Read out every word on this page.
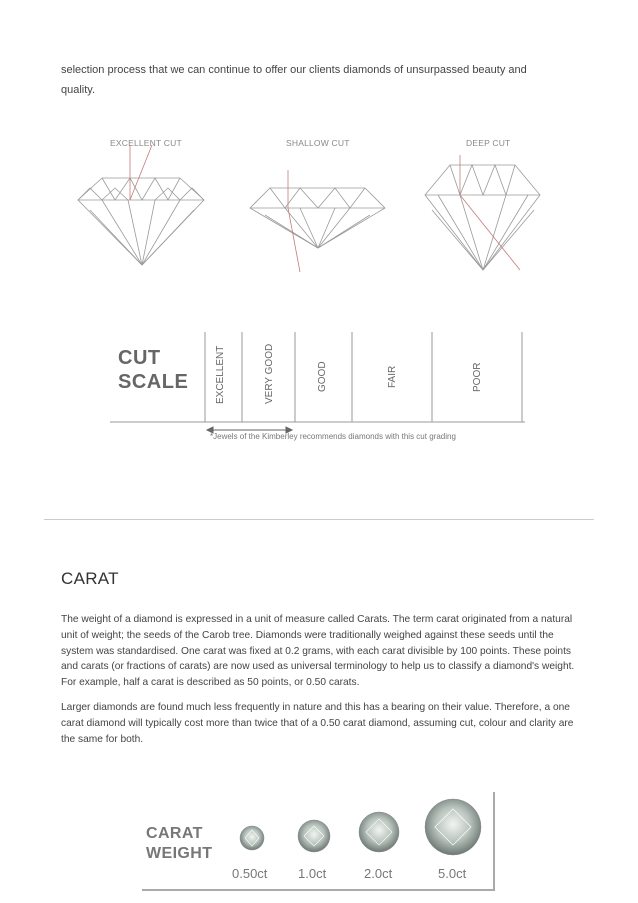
selection process that we can continue to offer our clients diamonds of unsurpassed beauty and quality.
EXCELLENT CUT	SHALLOW CUT	DEEP CUT
CUT
SCALE	EXCELLENT	VERY GOOD	GOOD	FAIR	POOR
*Jewels of the Kimberley recommends diamonds with this cut grading
CARAT
The weight of a diamond is expressed in a unit of measure called Carats. The term carat originated from a natural unit of weight; the seeds of the Carob tree. Diamonds were traditionally weighed against these seeds until the system was standardised. One carat was fixed at 0.2 grams, with each carat divisible by 100 points. These points and carats (or fractions of carats) are now used as universal terminology to help us to classify a diamond's weight. For example, half a carat is described as 50 points, or 0.50 carats.
Larger diamonds are found much less frequently in nature and this has a bearing on their value. Therefore, a one carat diamond will typically cost more than twice that of a 0.50 carat diamond, assuming cut, colour and clarity are the same for both.
CARAT
WEIGHT
0.50ct 1.0ct	2.0ct	5.0ct
